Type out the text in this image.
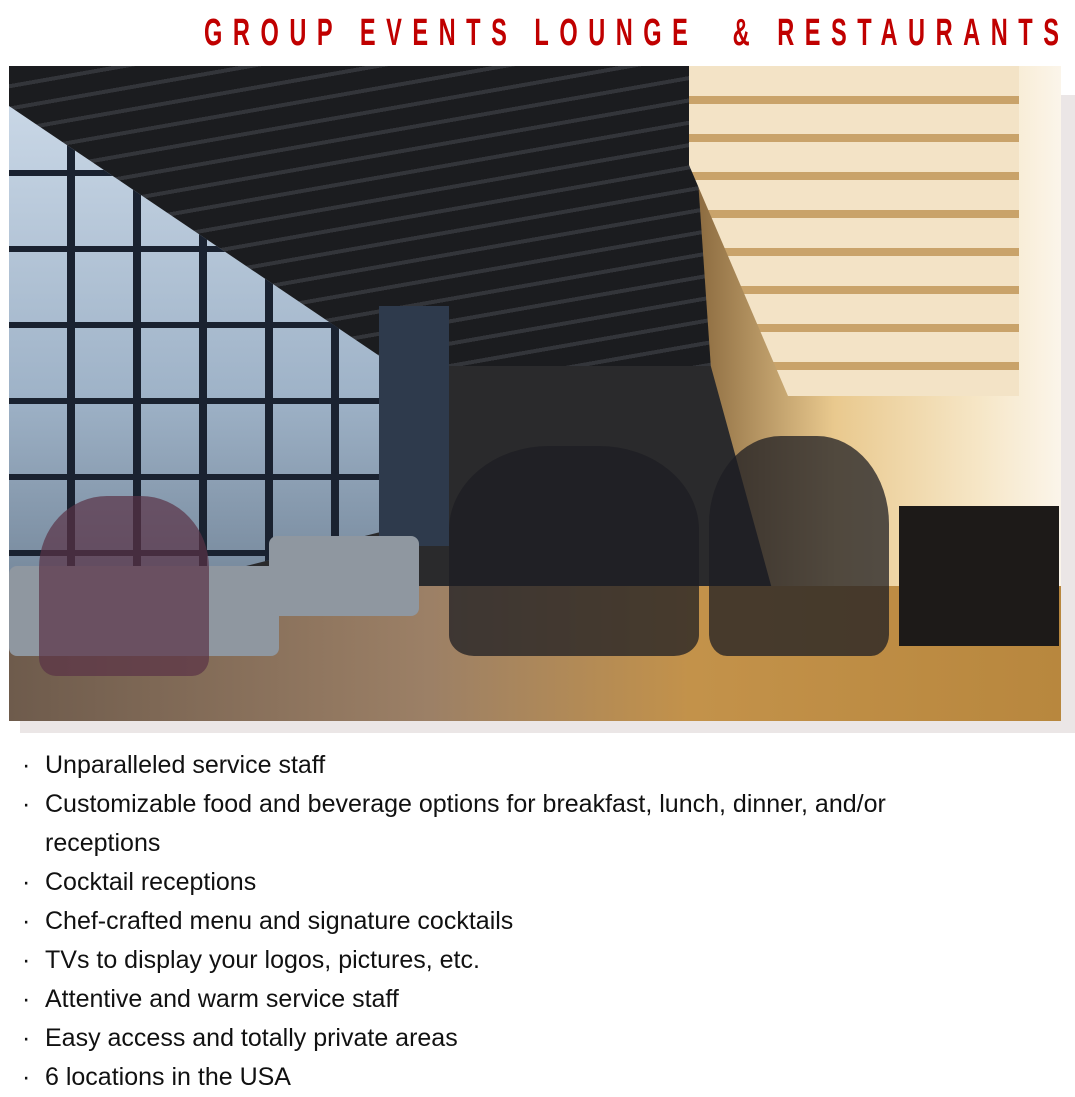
GROUP EVENTS LOUNGE  & RESTAURANTS
· Unparalleled service staff
· Customizable food and beverage options for breakfast, lunch, dinner, and/or receptions
· Cocktail receptions
· Chef-crafted menu and signature cocktails
· TVs to display your logos, pictures, etc.
· Attentive and warm service staff
· Easy access and totally private areas
· 6 locations in the USA
